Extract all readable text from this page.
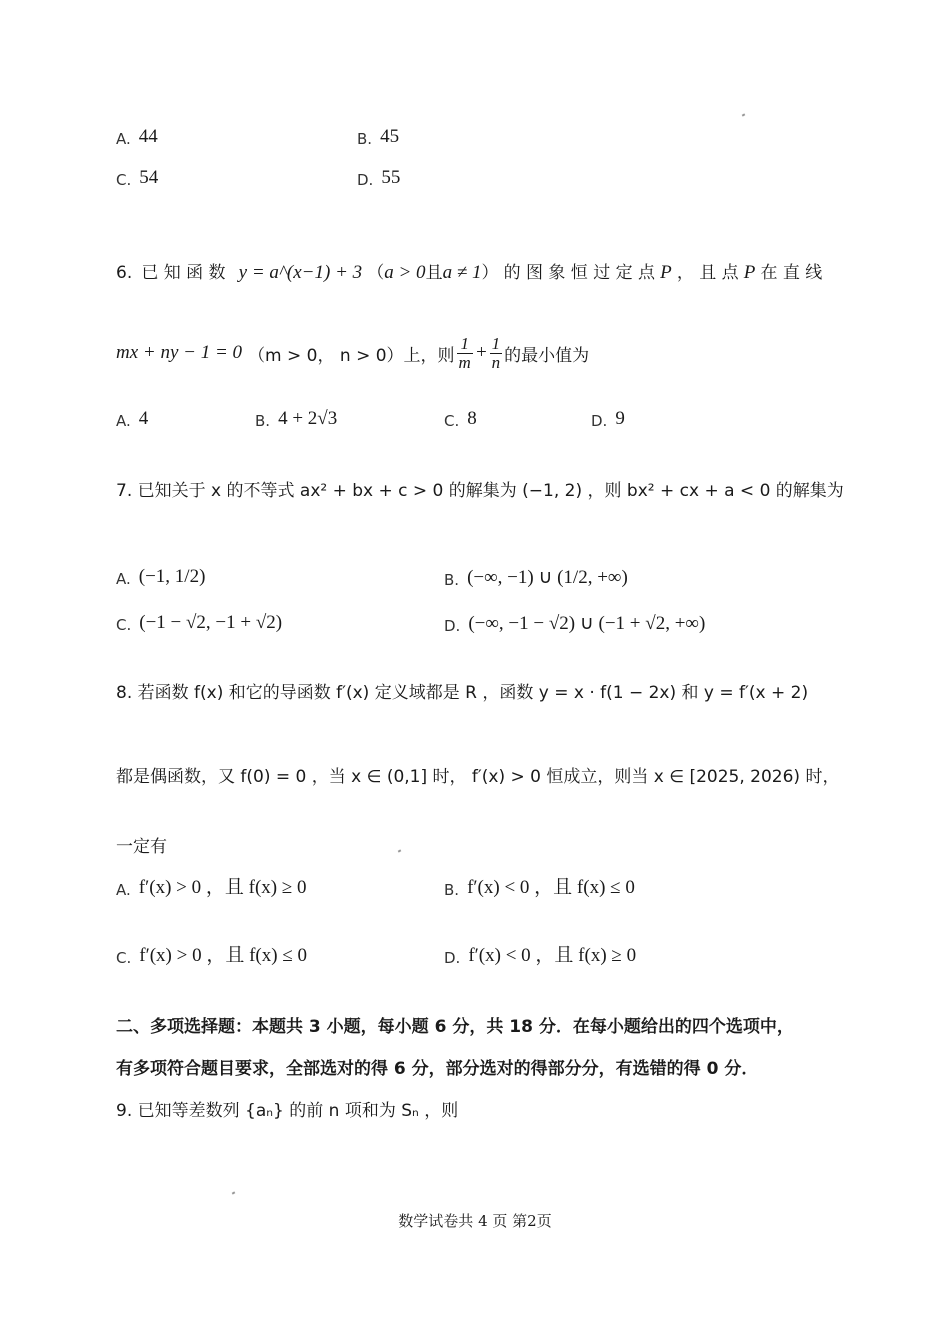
A. 44	B. 45
C. 54	D. 55
6. 已 知 函 数 y = a^(x−1) + 3 （a > 0且a ≠ 1） 的 图 象 恒 过 定 点 P ， 且 点 P 在 直 线
mx + ny − 1 = 0 （m > 0， n > 0） 上，则 $\frac{1}{m} + \frac{1}{n}$ 的最小值为
A. 4	B. 4 + 2√3	C. 8	D. 9
7. 已知关于 x 的不等式 ax² + bx + c > 0 的解集为 (−1, 2) ，则 bx² + cx + a < 0 的解集为
A. (−1, 1/2)	B. (−∞, −1) ∪ (1/2, +∞)
C. (−1 − √2, −1 + √2)	D. (−∞, −1 − √2) ∪ (−1 + √2, +∞)
8. 若函数 f(x) 和它的导函数 f′(x) 定义域都是 R ，函数 y = x · f(1 − 2x) 和 y = f′(x + 2)
都是偶函数，又 f(0) = 0 ，当 x ∈ (0,1] 时， f′(x) > 0 恒成立，则当 x ∈ [2025, 2026) 时，
一定有
A. f′(x) > 0 ，且 f(x) ≥ 0	B. f′(x) < 0 ，且 f(x) ≤ 0
C. f′(x) > 0 ，且 f(x) ≤ 0	D. f′(x) < 0 ，且 f(x) ≥ 0
二、多项选择题：本题共 3 小题，每小题 6 分，共 18 分．在每小题给出的四个选项中，
有多项符合题目要求，全部选对的得 6 分，部分选对的得部分分，有选错的得 0 分．
9. 已知等差数列 {aₙ} 的前 n 项和为 Sₙ ，则
数学试卷共 4 页 第2页
